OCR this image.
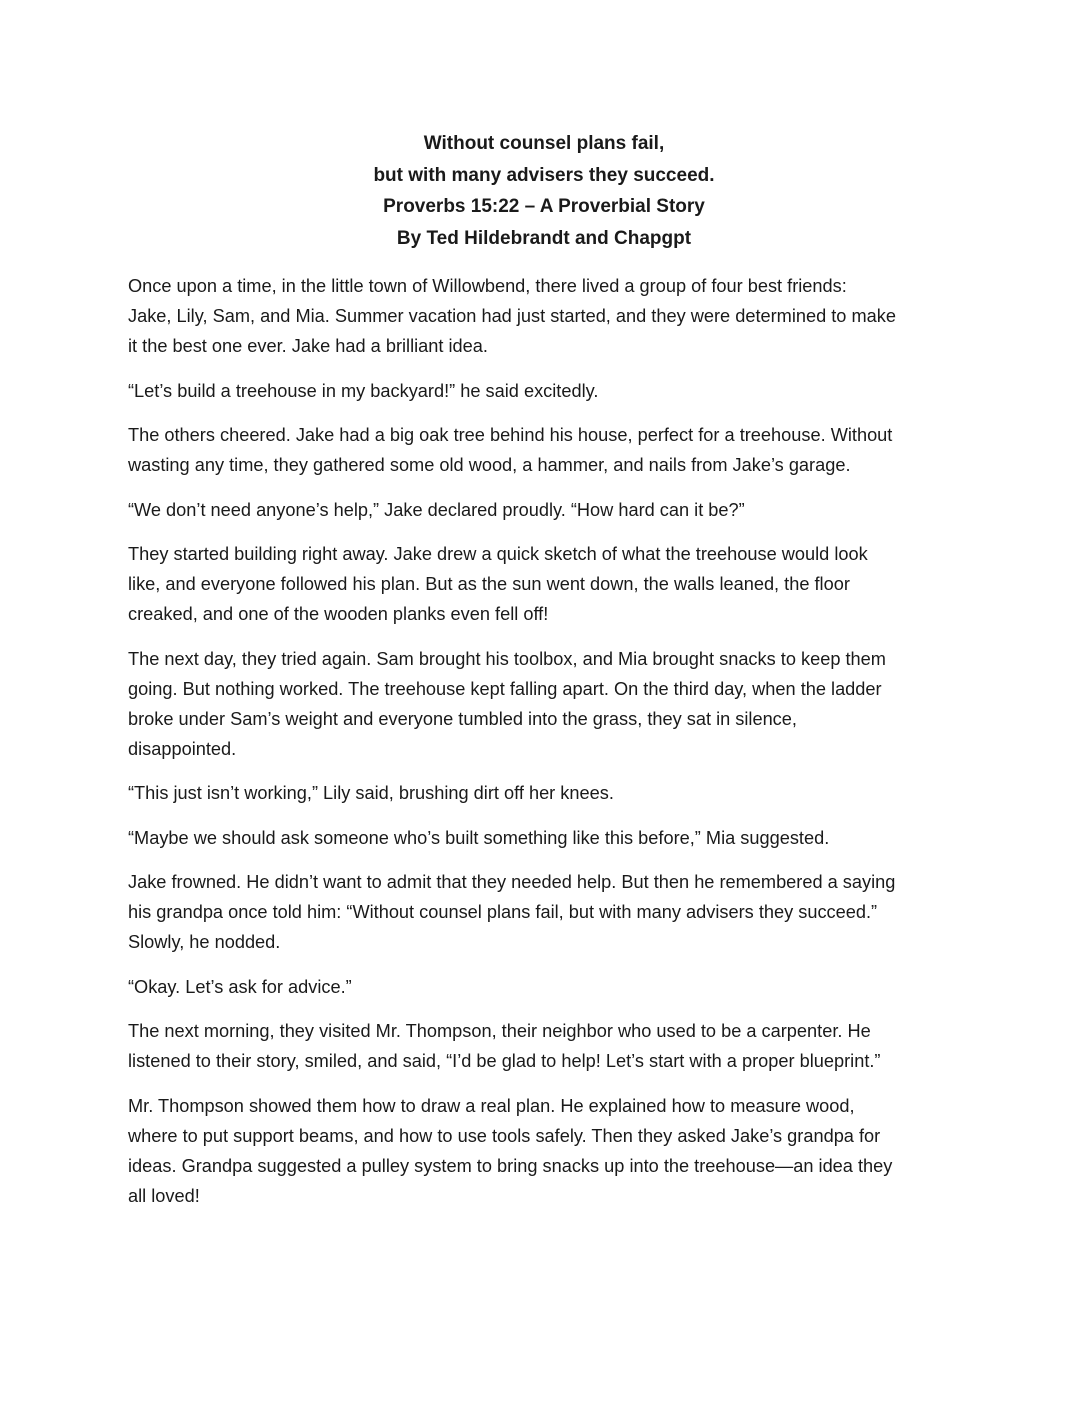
Without counsel plans fail,
but with many advisers they succeed.
Proverbs 15:22 – A Proverbial Story
By Ted Hildebrandt and Chapgpt

Once upon a time, in the little town of Willowbend, there lived a group of four best friends:
Jake, Lily, Sam, and Mia. Summer vacation had just started, and they were determined to make
it the best one ever. Jake had a brilliant idea.

“Let’s build a treehouse in my backyard!” he said excitedly.

The others cheered. Jake had a big oak tree behind his house, perfect for a treehouse. Without
wasting any time, they gathered some old wood, a hammer, and nails from Jake’s garage.

“We don’t need anyone’s help,” Jake declared proudly. “How hard can it be?”

They started building right away. Jake drew a quick sketch of what the treehouse would look
like, and everyone followed his plan. But as the sun went down, the walls leaned, the floor
creaked, and one of the wooden planks even fell off!

The next day, they tried again. Sam brought his toolbox, and Mia brought snacks to keep them
going. But nothing worked. The treehouse kept falling apart. On the third day, when the ladder
broke under Sam’s weight and everyone tumbled into the grass, they sat in silence,
disappointed.

“This just isn’t working,” Lily said, brushing dirt off her knees.

“Maybe we should ask someone who’s built something like this before,” Mia suggested.

Jake frowned. He didn’t want to admit that they needed help. But then he remembered a saying
his grandpa once told him: “Without counsel plans fail, but with many advisers they succeed.”
Slowly, he nodded.

“Okay. Let’s ask for advice.”

The next morning, they visited Mr. Thompson, their neighbor who used to be a carpenter. He
listened to their story, smiled, and said, “I’d be glad to help! Let’s start with a proper blueprint.”

Mr. Thompson showed them how to draw a real plan. He explained how to measure wood,
where to put support beams, and how to use tools safely. Then they asked Jake’s grandpa for
ideas. Grandpa suggested a pulley system to bring snacks up into the treehouse—an idea they
all loved!
